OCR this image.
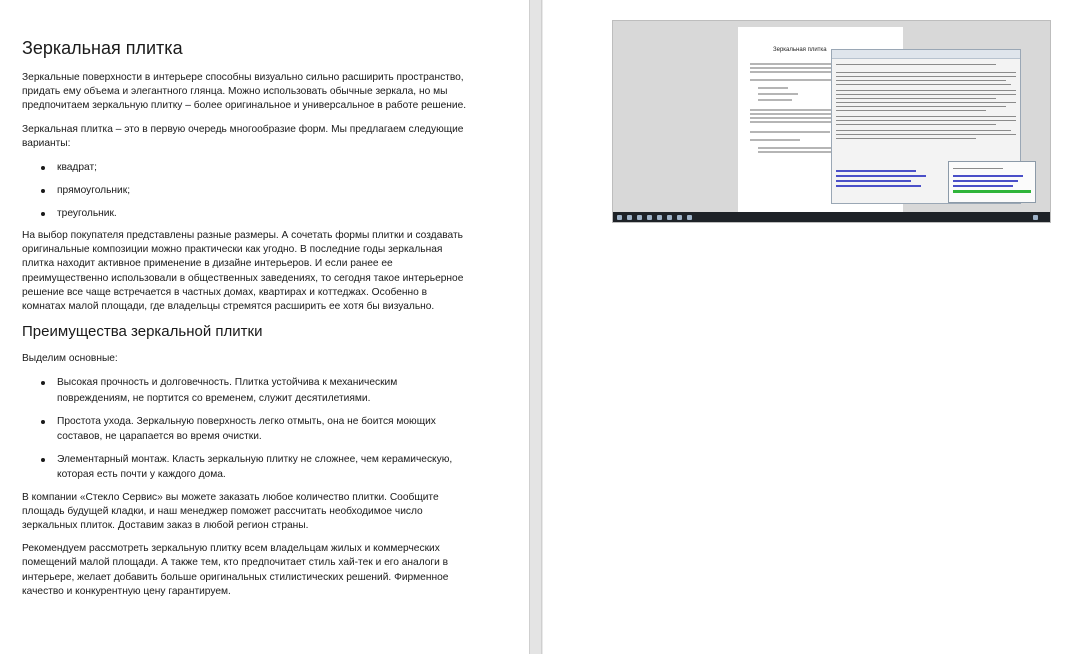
Зеркальная плитка

Зеркальные поверхности в интерьере способны визуально сильно расширить пространство, придать ему объема и элегантного глянца. Можно использовать обычные зеркала, но мы предпочитаем зеркальную плитку – более оригинальное и универсальное в работе решение.

Зеркальная плитка – это в первую очередь многообразие форм. Мы предлагаем следующие варианты:

квадрат;
прямоугольник;
треугольник.

На выбор покупателя представлены разные размеры. А сочетать формы плитки и создавать оригинальные композиции можно практически как угодно. В последние годы зеркальная плитка находит активное применение в дизайне интерьеров. И если ранее ее преимущественно использовали в общественных заведениях, то сегодня такое интерьерное решение все чаще встречается в частных домах, квартирах и коттеджах. Особенно в комнатах малой площади, где владельцы стремятся расширить ее хотя бы визуально.

Преимущества зеркальной плитки

Выделим основные:

Высокая прочность и долговечность. Плитка устойчива к механическим повреждениям, не портится со временем, служит десятилетиями.
Простота ухода. Зеркальную поверхность легко отмыть, она не боится моющих составов, не царапается во время очистки.
Элементарный монтаж. Класть зеркальную плитку не сложнее, чем керамическую, которая есть почти у каждого дома.

В компании «Стекло Сервис» вы можете заказать любое количество плитки. Сообщите площадь будущей кладки, и наш менеджер поможет рассчитать необходимое число зеркальных плиток. Доставим заказ в любой регион страны.

Рекомендуем рассмотреть зеркальную плитку всем владельцам жилых и коммерческих помещений малой площади. А также тем, кто предпочитает стиль хай-тек и его аналоги в интерьере, желает добавить больше оригинальных стилистических решений. Фирменное качество и конкурентную цену гарантируем.

Зеркальная плитка
